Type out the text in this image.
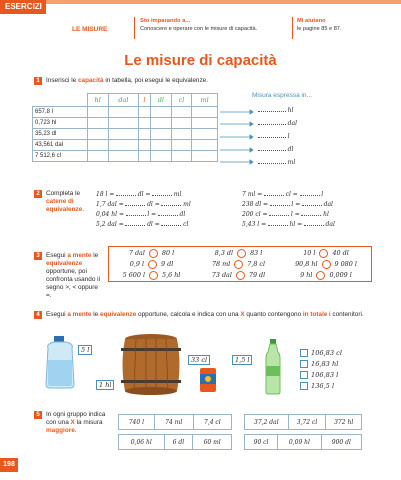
ESERCIZI
LE MISURE
Sto imparando a...
Conoscere e operare con le misure di capacità.
Mi aiutano
le pagine 85 e 87.
Le misure di capacità
1 Inserisci le capacità in tabella, poi esegui le equivalenze.
	hl	dal	l	dl	cl	ml
657,8 l						
0,723 hl						
35,23 dl						
43,561 dal						
7 512,6 cl						
Misura espressa in...
hl
dal
l
dl
ml
2 Completa le catene di equivalenze.
18 l =	dl =	ml
1,7 dal =	dl =	ml
0,04 hl =	l =	dl
5,2 dal =	dl =	cl
7 ml =	cl =	l
238 dl =	l =	dal
200 cl =	l =	hl
5,43 l =	hl =	dal
3 Esegui a mente le equivalenze opportune, poi confronta usando il segno >, < oppure =.
7 dal	80 l	8,3 dl	83 l	10 l	40 dl
0,9 l	9 dl	78 ml	7,8 cl	90,8 hl	9 080 l
5 600 l	5,6 hl	73 dal	79 dl	9 hl	0,009 l
4 Esegui a mente le equivalenze opportune, calcola e indica con una X quanto contengono in totale i contenitori.
5 l
1 hl
33 cl	1,5 l
106,83 cl
16,83 hl
106,83 l
136,5 l
5 In ogni gruppo indica con una X la misura maggiore.
740 l	74 ml	7,4 cl
0,06 hl	6 dl	60 ml
37,2 dal	3,72 cl	372 hl
90 cl	0,09 hl	900 dl
198
